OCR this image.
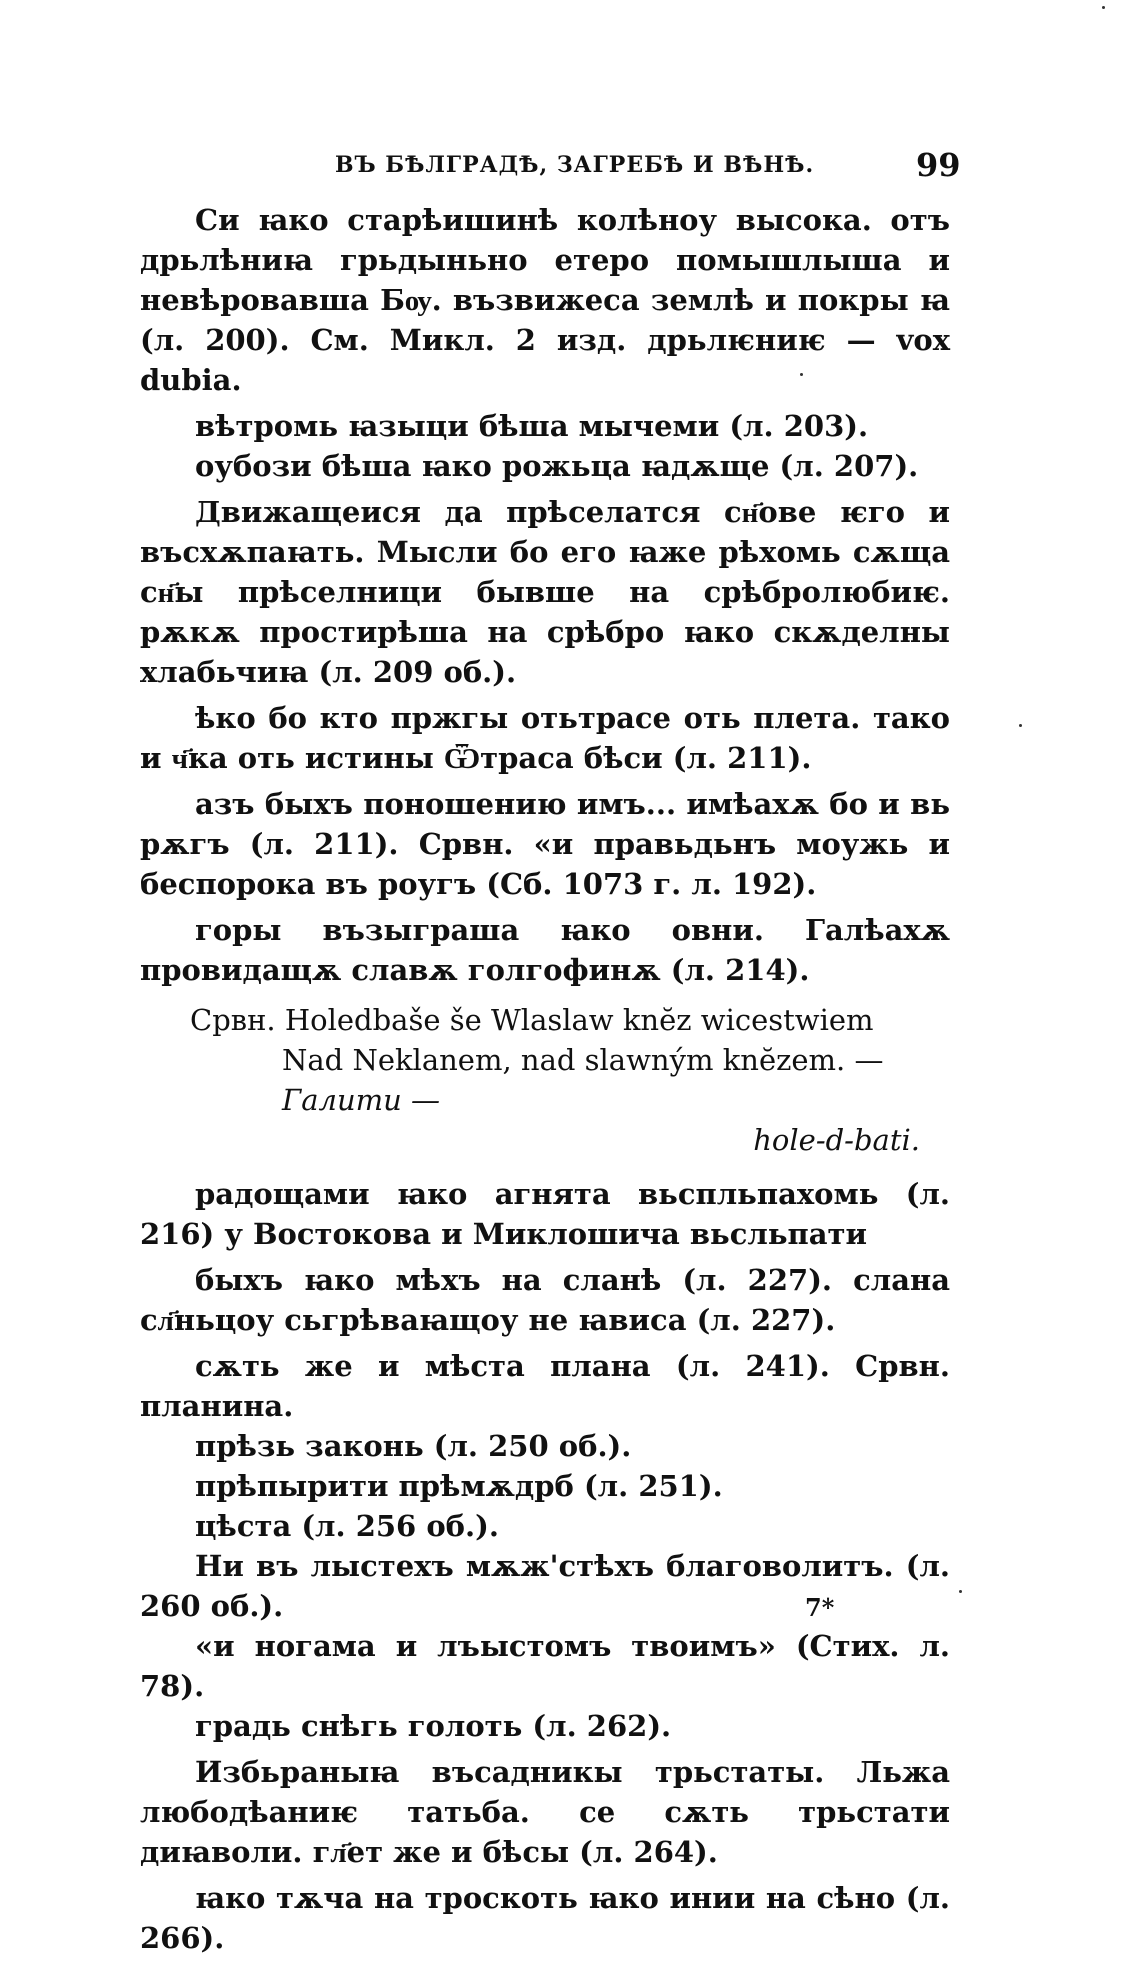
ВЪ БѢЛГРАДѢ, ЗАГРЕБѢ И ВѢНѢ.	99

Си ꙗко старѣишинѣ колѣноу высока. отъ дрьлѣниꙗ грьдыньно етеро помышлыша и невѣровавша Бѹ. възвижеса землѣ и покры ꙗ (л. 200). См. Микл. 2 изд. дрьлѥниѥ — vox dubia.

вѣтромь ꙗзыци бѣша мычеми (л. 203).

оубози бѣша ꙗко рожьца ꙗдѫще (л. 207).

Движащеися да прѣселатся сн҃ове ѥго и въсхѫпаꙗть. Мысли бо его ꙗже рѣхомь сѫща сн҃ы прѣселници бывше на срѣбролюбиѥ. рѫкѫ простирѣша на срѣбро ꙗко скѫделны хлабьчиꙗ (л. 209 об.).

ѣко бо кто пржгы отьтрасе оть плета. тако и ч҃ка оть истины Ѿтраса бѣси (л. 211).

азъ быхъ поношению имъ... имѣахѫ бо и вь рѫгъ (л. 211). Срвн. «и правьдьнъ моужь и беспорока въ роугъ (Сб. 1073 г. л. 192).

горы възыграша ꙗко овни. Галѣахѫ провидащѫ славѫ голгофинѫ (л. 214).

Срвн. Holedbaše še Wlaslaw knĕz wicestwiem
Nad Neklanem, nad slawným knĕzem. — Галити —
hole-d-bati.

радощами ꙗко агнята вьспльпахомь (л. 216) у Востокова и Миклошича вьсльпати

быхъ ꙗко мѣхъ на сланѣ (л. 227). слана сл҃ньцоу сьгрѣваꙗщоу не ꙗвиса (л. 227).

сѫть же и мѣста плана (л. 241). Срвн. планина.

прѣзь законь (л. 250 об.).

прѣпырити прѣмѫдрб (л. 251).

цѣста (л. 256 об.).

Ни въ лыстехъ мѫж'стѣхъ благоволитъ. (л. 260 об.).

«и ногама и лъыстомъ твоимъ» (Стих. л. 78).

градь снѣгь голоть (л. 262).

Избьраныꙗ въсадникы трьстаты. Льжа любодѣаниѥ татьба. се сѫть трьстати диꙗволи. гл҃ет же и бѣсы (л. 264).

ꙗко тѫча на троскоть ꙗко инии на сѣно (л. 266).

7*
